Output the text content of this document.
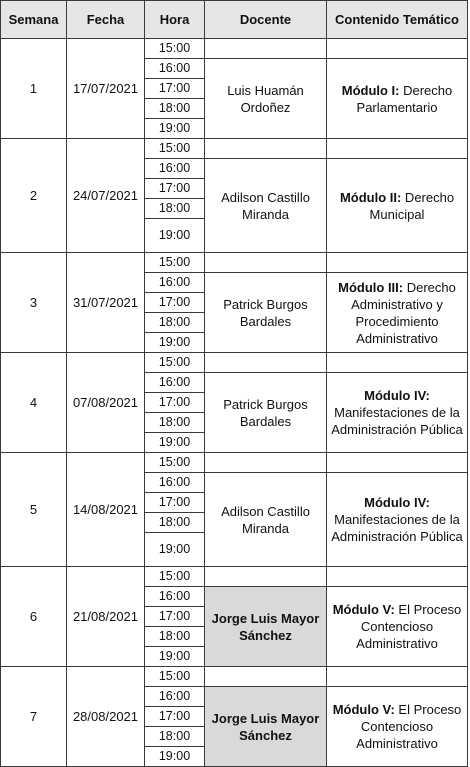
Semana	Fecha	Hora	Docente	Contenido Temático
1	17/07/2021	15:00		
		16:00	Luis Huamán Ordoñez	Módulo I: Derecho Parlamentario
		17:00		
		18:00		
		19:00		
2	24/07/2021	15:00		
		16:00	Adilson Castillo Miranda	Módulo II: Derecho Municipal
		17:00		
		18:00		
		19:00		
3	31/07/2021	15:00		
		16:00	Patrick Burgos Bardales	Módulo III: Derecho Administrativo y Procedimiento Administrativo
		17:00		
		18:00		
		19:00		
4	07/08/2021	15:00		
		16:00	Patrick Burgos Bardales	Módulo IV: Manifestaciones de la Administración Pública
		17:00		
		18:00		
		19:00		
5	14/08/2021	15:00		
		16:00	Adilson Castillo Miranda	Módulo IV: Manifestaciones de la Administración Pública
		17:00		
		18:00		
		19:00		
6	21/08/2021	15:00		
		16:00	Jorge Luis Mayor Sánchez	Módulo V: El Proceso Contencioso Administrativo
		17:00		
		18:00		
		19:00		
7	28/08/2021	15:00		
		16:00	Jorge Luis Mayor Sánchez	Módulo V: El Proceso Contencioso Administrativo
		17:00		
		18:00		
		19:00		
